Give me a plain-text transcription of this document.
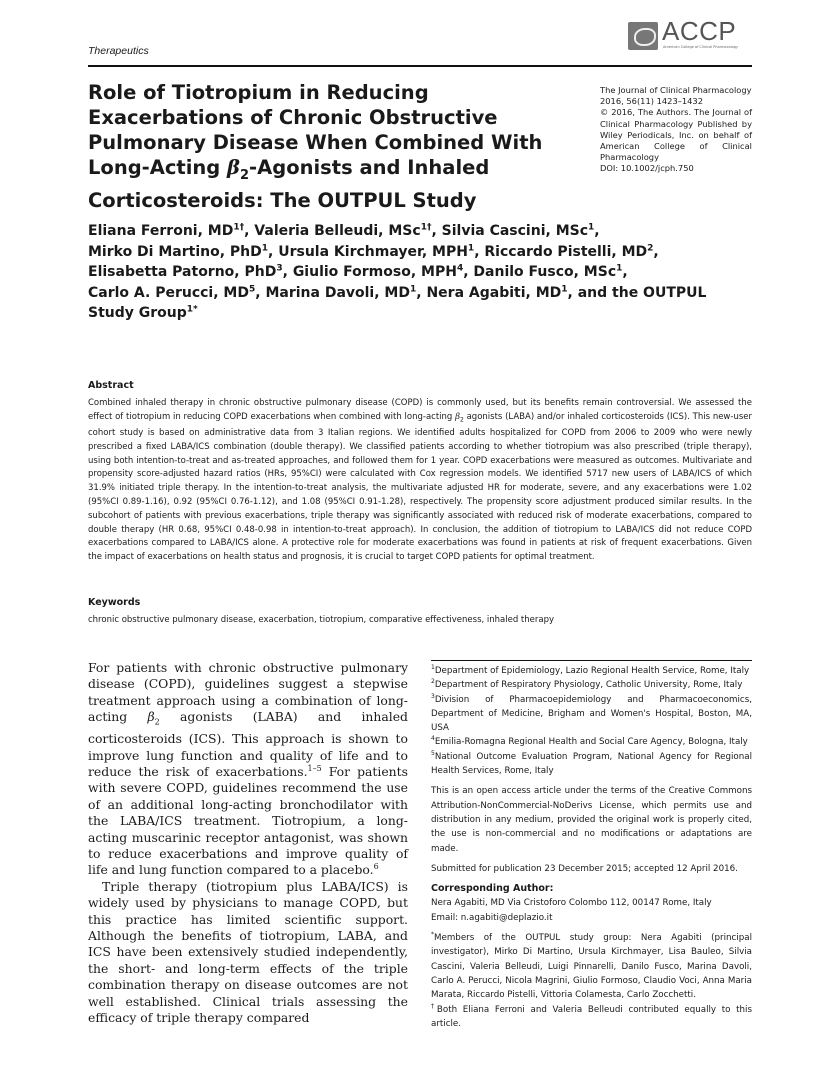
Therapeutics
ACCP
American College of Clinical Pharmacology
Role of Tiotropium in Reducing
Exacerbations of Chronic Obstructive
Pulmonary Disease When Combined With
Long-Acting $\beta_2$-Agonists and Inhaled
Corticosteroids: The OUTPUL Study
The Journal of Clinical Pharmacology
2016, 56(11) 1423–1432
© 2016, The Authors. The Journal of Clinical Pharmacology Published by Wiley Periodicals, Inc. on behalf of American College of Clinical Pharmacology
DOI: 10.1002/jcph.750
Eliana Ferroni, $MD^{1\dagger}$, Valeria Belleudi, MSc$^{1\dagger}$, Silvia Cascini, MSc$^1$,
Mirko Di Martino, PhD$^1$, Ursula Kirchmayer, MPH$^1$, Riccardo Pistelli, $MD^2$,
Elisabetta Patorno, PhD$^3$, Giulio Formoso, MPH$^4$, Danilo Fusco, MSc$^1$,
Carlo A. Perucci, $MD^5$, Marina Davoli, $MD^1$, Nera Agabiti, $MD^1$, and the OUTPUL
Study Group$^{1*}$
Abstract

Combined inhaled therapy in chronic obstructive pulmonary disease (COPD) is commonly used, but its benefits remain controversial. We assessed the effect of tiotropium in reducing COPD exacerbations when combined with long-acting $\beta_2$ agonists (LABA) and/or inhaled corticosteroids (ICS). This new-user cohort study is based on administrative data from 3 Italian regions. We identified adults hospitalized for COPD from 2006 to 2009 who were newly prescribed a fixed LABA/ICS combination (double therapy). We classified patients according to whether tiotropium was also prescribed (triple therapy), using both intention-to-treat and as-treated approaches, and followed them for 1 year. COPD exacerbations were measured as outcomes. Multivariate and propensity score-adjusted hazard ratios (HRs, 95%CI) were calculated with Cox regression models. We identified 5717 new users of LABA/ICS of which 31.9% initiated triple therapy. In the intention-to-treat analysis, the multivariate adjusted HR for moderate, severe, and any exacerbations were 1.02 (95%CI 0.89-1.16), 0.92 (95%CI 0.76-1.12), and 1.08 (95%CI 0.91-1.28), respectively. The propensity score adjustment produced similar results. In the subcohort of patients with previous exacerbations, triple therapy was significantly associated with reduced risk of moderate exacerbations, compared to double therapy (HR 0.68, 95%CI 0.48-0.98 in intention-to-treat approach). In conclusion, the addition of tiotropium to LABA/ICS did not reduce COPD exacerbations compared to LABA/ICS alone. A protective role for moderate exacerbations was found in patients at risk of frequent exacerbations. Given the impact of exacerbations on health status and prognosis, it is crucial to target COPD patients for optimal treatment.

Keywords

chronic obstructive pulmonary disease, exacerbation, tiotropium, comparative effectiveness, inhaled therapy

For patients with chronic obstructive pulmonary disease (COPD), guidelines suggest a stepwise treatment approach using a combination of long-acting $\beta_2$ agonists (LABA) and inhaled corticosteroids (ICS). This approach is shown to improve lung function and quality of life and to reduce the risk of exacerbations.$^{1-5}$ For patients with severe COPD, guidelines recommend the use of an additional long-acting bronchodilator with the LABA/ICS treatment. Tiotropium, a long-acting muscarinic receptor antagonist, was shown to reduce exacerbations and improve quality of life and lung function compared to a placebo.$^6$

Triple therapy (tiotropium plus LABA/ICS) is widely used by physicians to manage COPD, but this practice has limited scientific support. Although the benefits of tiotropium, LABA, and ICS have been extensively studied independently, the short- and long-term effects of the triple combination therapy on disease outcomes are not well established. Clinical trials assessing the efficacy of triple therapy compared

$^1$Department of Epidemiology, Lazio Regional Health Service, Rome, Italy
$^2$Department of Respiratory Physiology, Catholic University, Rome, Italy
$^3$Division of Pharmacoepidemiology and Pharmacoeconomics, Department of Medicine, Brigham and Women's Hospital, Boston, MA, USA
$^4$Emilia-Romagna Regional Health and Social Care Agency, Bologna, Italy
$^5$National Outcome Evaluation Program, National Agency for Regional Health Services, Rome, Italy

This is an open access article under the terms of the Creative Commons Attribution-NonCommercial-NoDerivs License, which permits use and distribution in any medium, provided the original work is properly cited, the use is non-commercial and no modifications or adaptations are made.

Submitted for publication 23 December 2015; accepted 12 April 2016.

Corresponding Author:
Nera Agabiti, MD Via Cristoforo Colombo 112, 00147 Rome, Italy

Email: n.agabiti@deplazio.it

*Members of the OUTPUL study group: Nera Agabiti (principal investigator), Mirko Di Martino, Ursula Kirchmayer, Lisa Bauleo, Silvia Cascini, Valeria Belleudi, Luigi Pinnarelli, Danilo Fusco, Marina Davoli, Carlo A. Perucci, Nicola Magrini, Giulio Formoso, Claudio Voci, Anna Maria Marata, Riccardo Pistelli, Vittoria Colamesta, Carlo Zocchetti.
†Both Eliana Ferroni and Valeria Belleudi contributed equally to this article.
